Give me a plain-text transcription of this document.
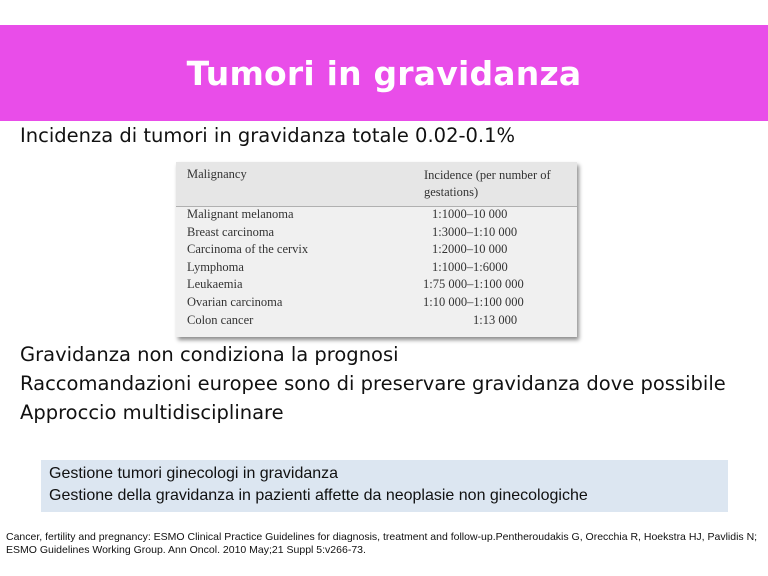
Tumori in gravidanza
Incidenza di tumori in gravidanza totale 0.02-0.1%
Malignancy	Incidence (per number of
gestations)
Malignant melanoma	1:1000–10 000
Breast carcinoma	1:3000–1:10 000
Carcinoma of the cervix	1:2000–10 000
Lymphoma	1:1000–1:6000
Leukaemia	1:75 000–1:100 000
Ovarian carcinoma	1:10 000–1:100 000
Colon cancer	1:13 000
Gravidanza non condiziona la prognosi
Raccomandazioni europee sono di preservare gravidanza dove possibile
Approccio multidisciplinare
Gestione tumori ginecologi in gravidanza
Gestione della gravidanza in pazienti affette da neoplasie non ginecologiche
Cancer, fertility and pregnancy: ESMO Clinical Practice Guidelines for diagnosis, treatment and follow-up.Pentheroudakis G, Orecchia R, Hoekstra HJ, Pavlidis N; ESMO Guidelines Working Group. Ann Oncol. 2010 May;21 Suppl 5:v266-73.
